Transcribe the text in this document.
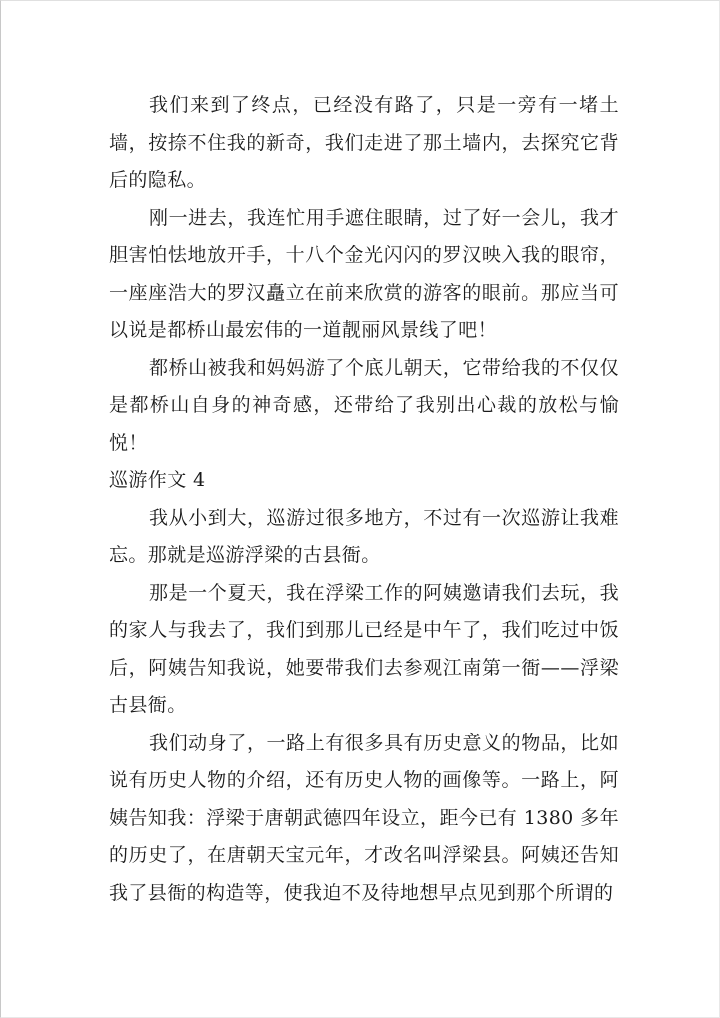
我们来到了终点，已经没有路了，只是一旁有一堵土墙，按捺不住我的新奇，我们走进了那土墙内，去探究它背后的隐私。

刚一进去，我连忙用手遮住眼睛，过了好一会儿，我才胆害怕怯地放开手，十八个金光闪闪的罗汉映入我的眼帘，一座座浩大的罗汉矗立在前来欣赏的游客的眼前。那应当可以说是都桥山最宏伟的一道靓丽风景线了吧！

都桥山被我和妈妈游了个底儿朝天，它带给我的不仅仅是都桥山自身的神奇感，还带给了我别出心裁的放松与愉悦！

巡游作文 4

我从小到大，巡游过很多地方，不过有一次巡游让我难忘。那就是巡游浮梁的古县衙。

那是一个夏天，我在浮梁工作的阿姨邀请我们去玩，我的家人与我去了，我们到那儿已经是中午了，我们吃过中饭后，阿姨告知我说，她要带我们去参观江南第一衙——浮梁古县衙。

我们动身了，一路上有很多具有历史意义的物品，比如说有历史人物的介绍，还有历史人物的画像等。一路上，阿姨告知我：浮梁于唐朝武德四年设立，距今已有 1380 多年的历史了，在唐朝天宝元年，才改名叫浮梁县。阿姨还告知我了县衙的构造等，使我迫不及待地想早点见到那个所谓的
